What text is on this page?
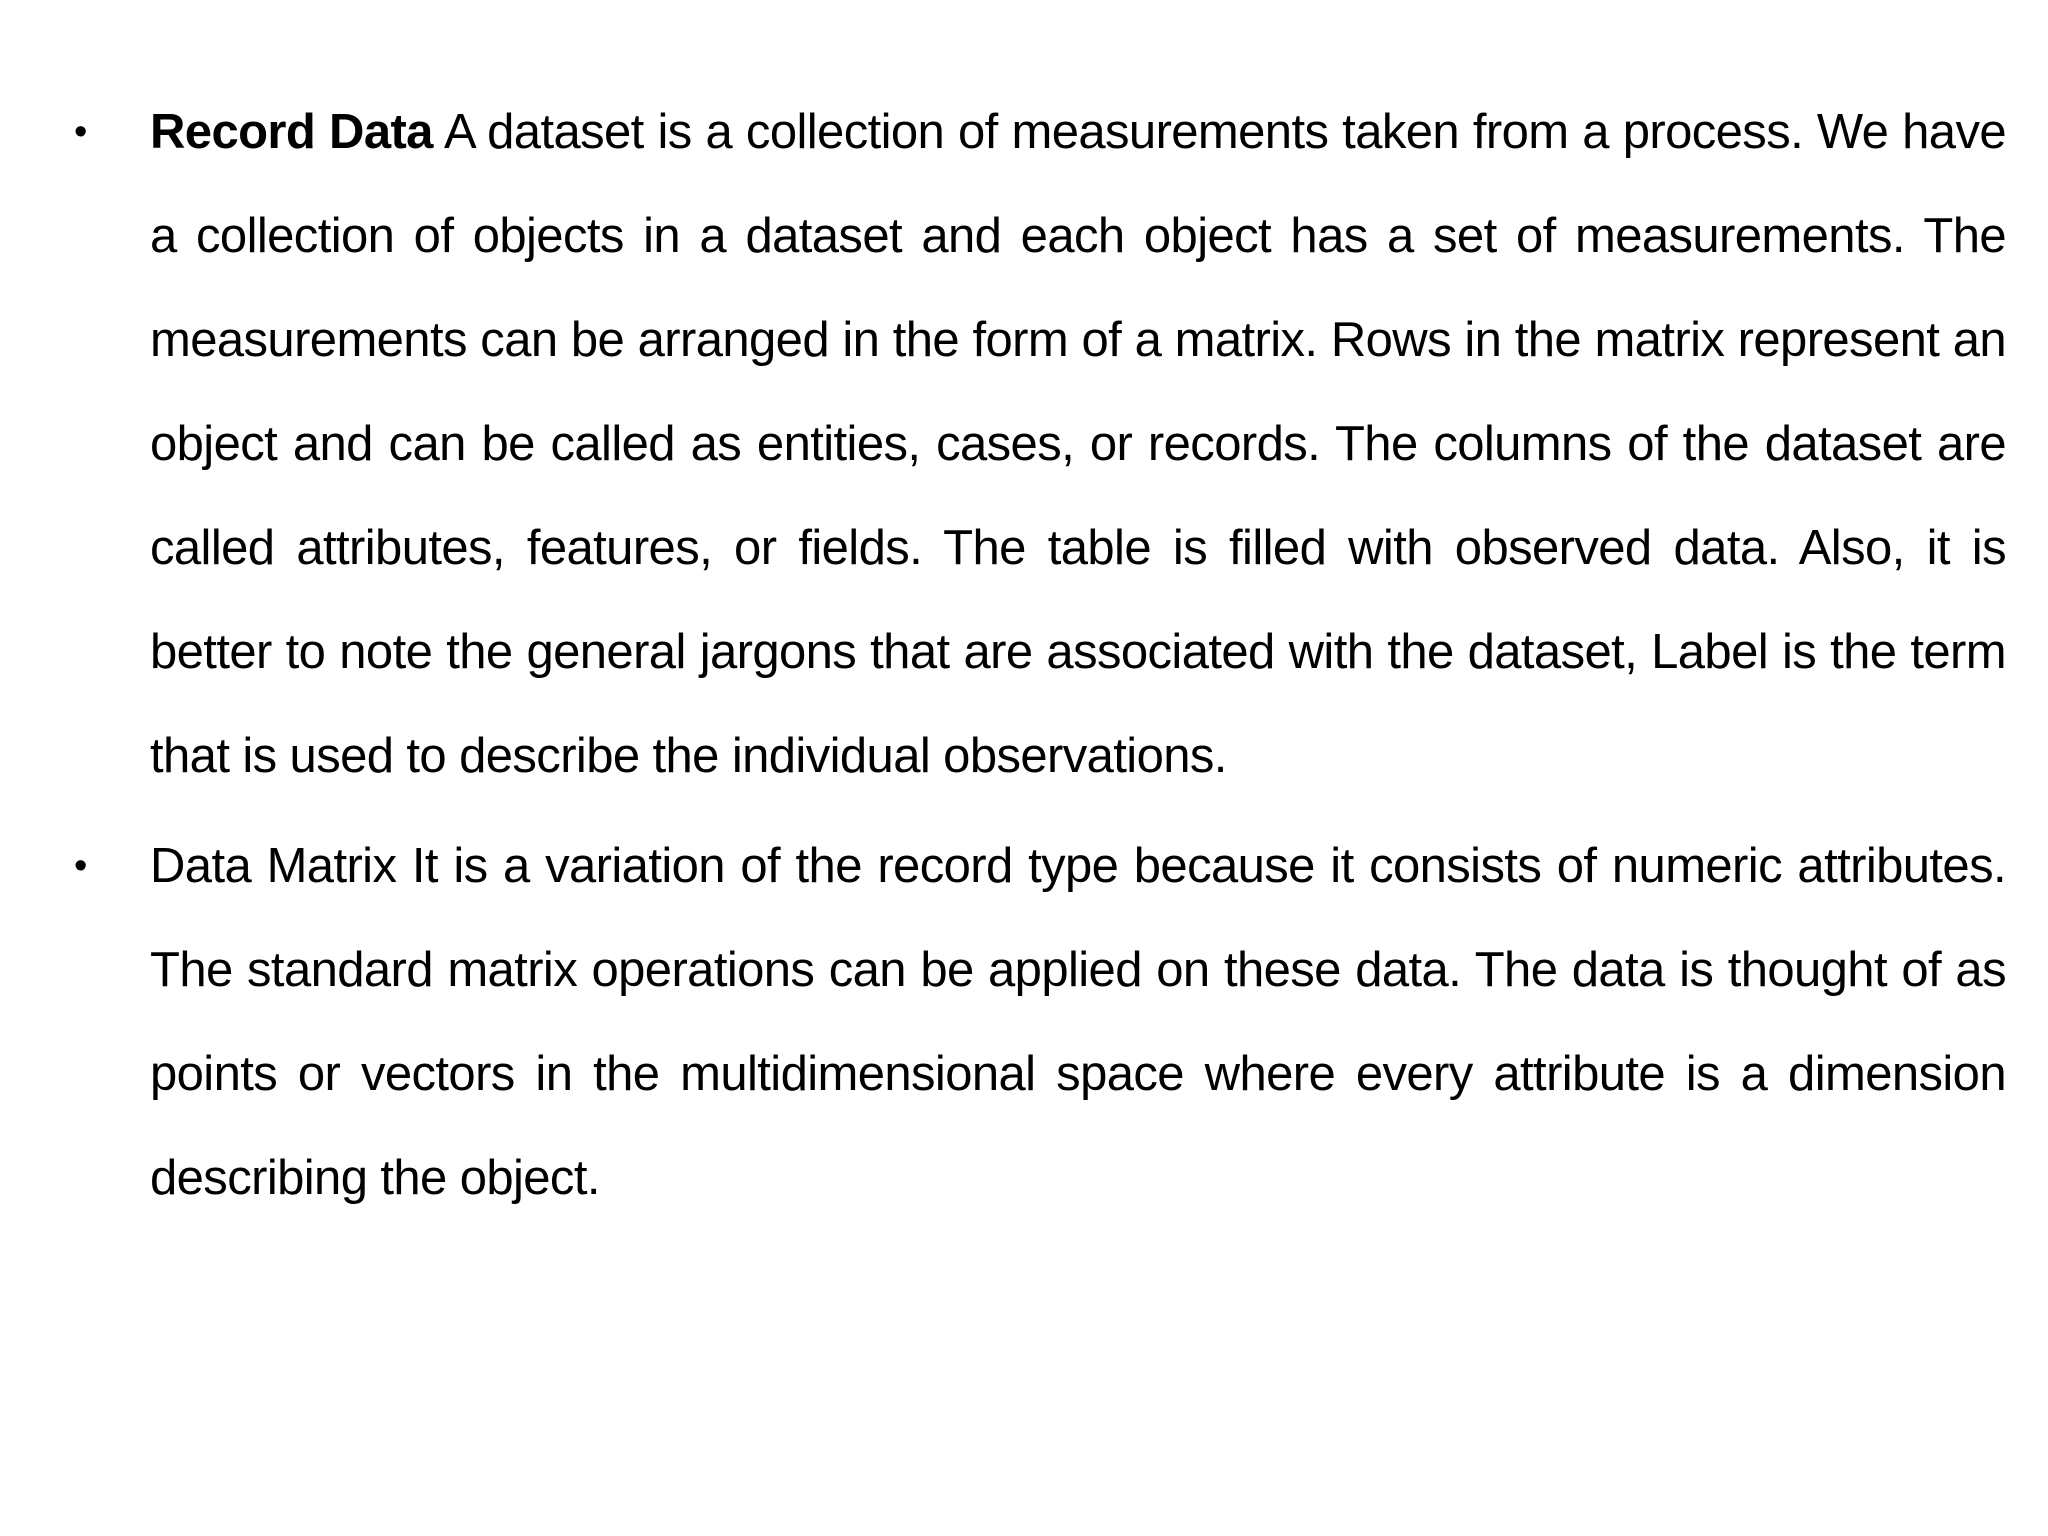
•	Record Data A dataset is a collection of measurements taken from a process. We have a collection of objects in a dataset and each object has a set of measurements. The measurements can be arranged in the form of a matrix. Rows in the matrix represent an object and can be called as entities, cases, or records. The columns of the dataset are called attributes, features, or fields. The table is filled with observed data. Also, it is better to note the general jargons that are associated with the dataset, Label is the term that is used to describe the individual observations.
•	Data Matrix It is a variation of the record type because it consists of numeric attributes. The standard matrix operations can be applied on these data. The data is thought of as points or vectors in the multidimensional space where every attribute is a dimension describing the object.
